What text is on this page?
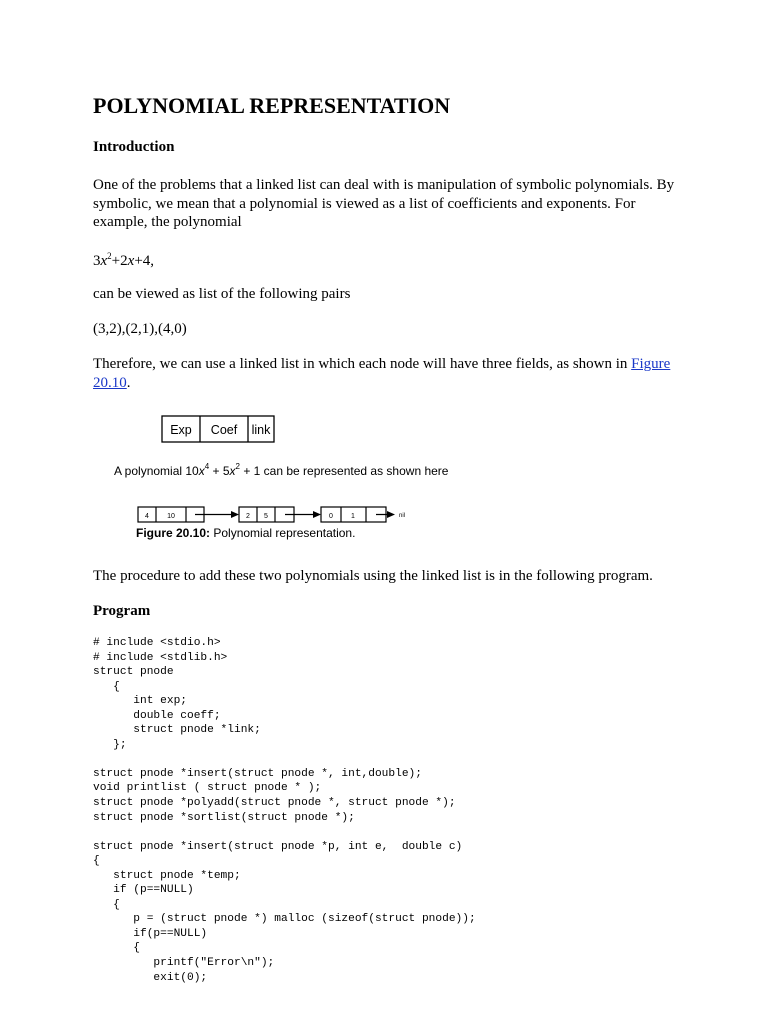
POLYNOMIAL REPRESENTATION
Introduction
One of the problems that a linked list can deal with is manipulation of symbolic polynomials. By symbolic, we mean that a polynomial is viewed as a list of coefficients and exponents. For example, the polynomial
$3x^2+2x+4$,
can be viewed as list of the following pairs
(3,2),(2,1),(4,0)
Therefore, we can use a linked list in which each node will have three fields, as shown in Figure 20.10.
Exp Coef link
A polynomial $10x^4 + 5x^2 + 1$ can be represented as shown here
4	10	2 5	0	1	nil
Figure 20.10: Polynomial representation.
The procedure to add these two polynomials using the linked list is in the following program.
Program
# include <stdio.h>
# include <stdlib.h>
struct pnode
{
int exp;
double coeff;
struct pnode *link;
};

struct pnode *insert(struct pnode *, int,double);
void printlist ( struct pnode * );
struct pnode *polyadd(struct pnode *, struct pnode *);
struct pnode *sortlist(struct pnode *);

struct pnode *insert(struct pnode *p, int e,  double c)
{
struct pnode *temp;
if (p==NULL)
{
p = (struct pnode *) malloc (sizeof(struct pnode));
if(p==NULL)
{
printf("Error\n");
exit(0);
